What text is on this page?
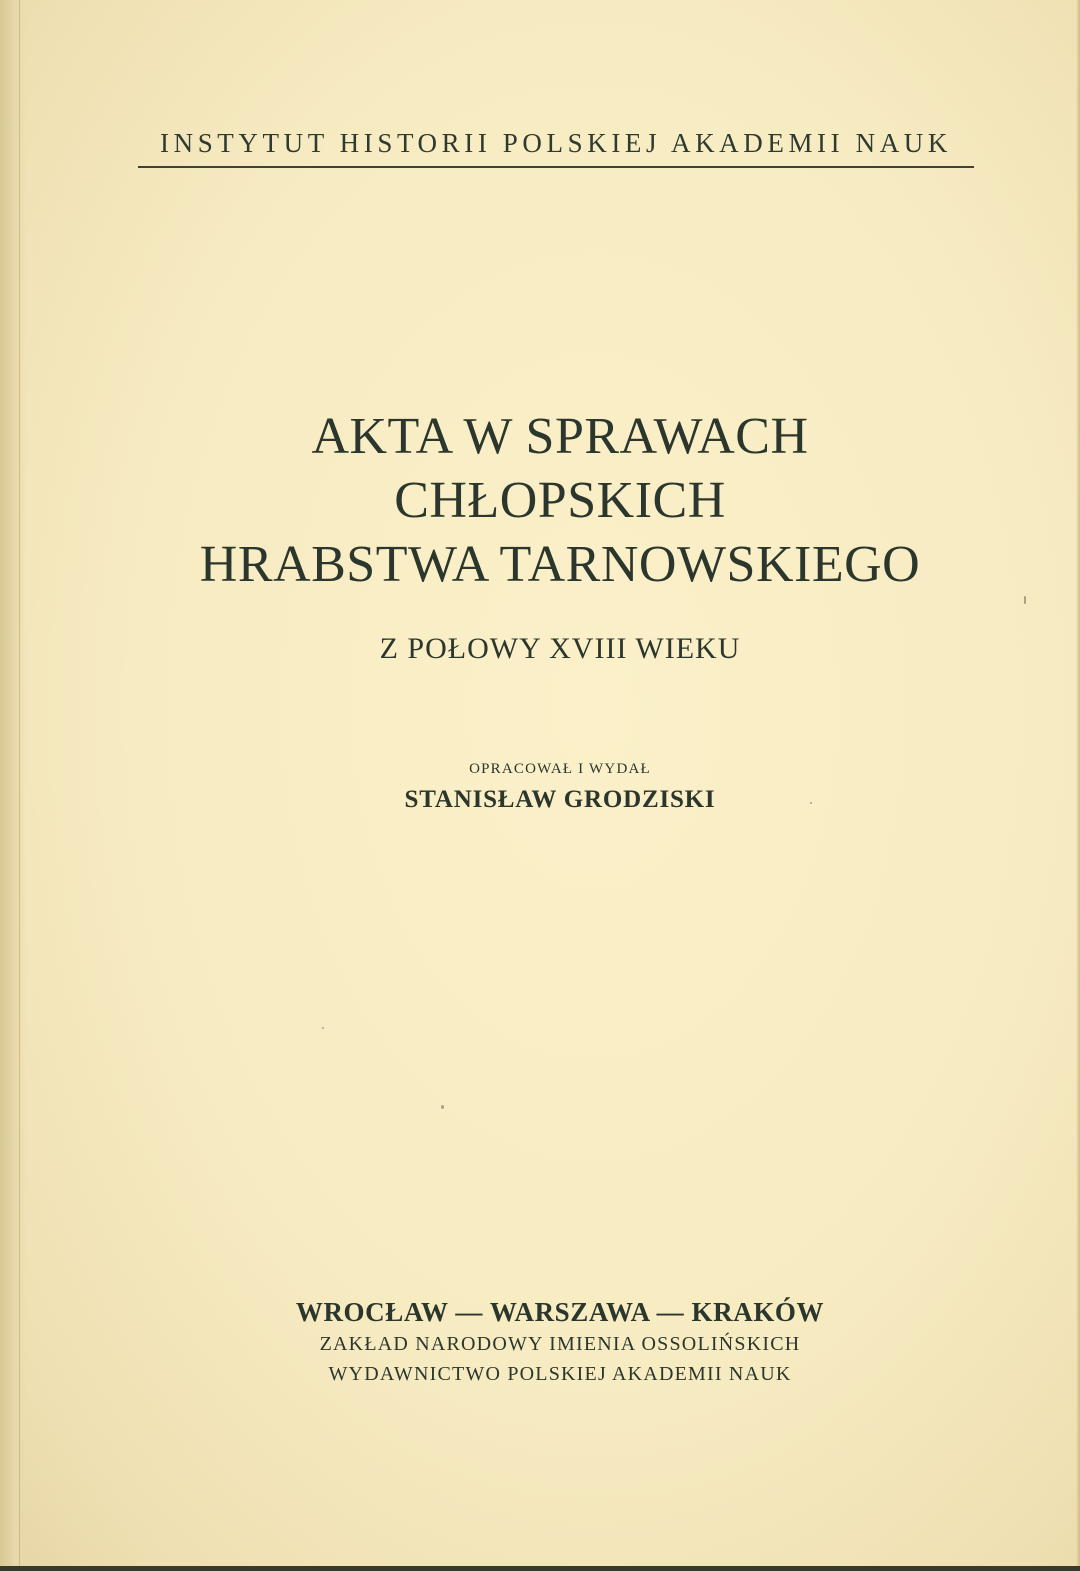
INSTYTUT HISTORII POLSKIEJ AKADEMII NAUK
AKTA W SPRAWACH
CHŁOPSKICH
HRABSTWA TARNOWSKIEGO
Z POŁOWY XVIII WIEKU
OPRACOWAŁ I WYDAŁ
STANISŁAW GRODZISKI
WROCŁAW — WARSZAWA — KRAKÓW
ZAKŁAD NARODOWY IMIENIA OSSOLIŃSKICH
WYDAWNICTWO POLSKIEJ AKADEMII NAUK
